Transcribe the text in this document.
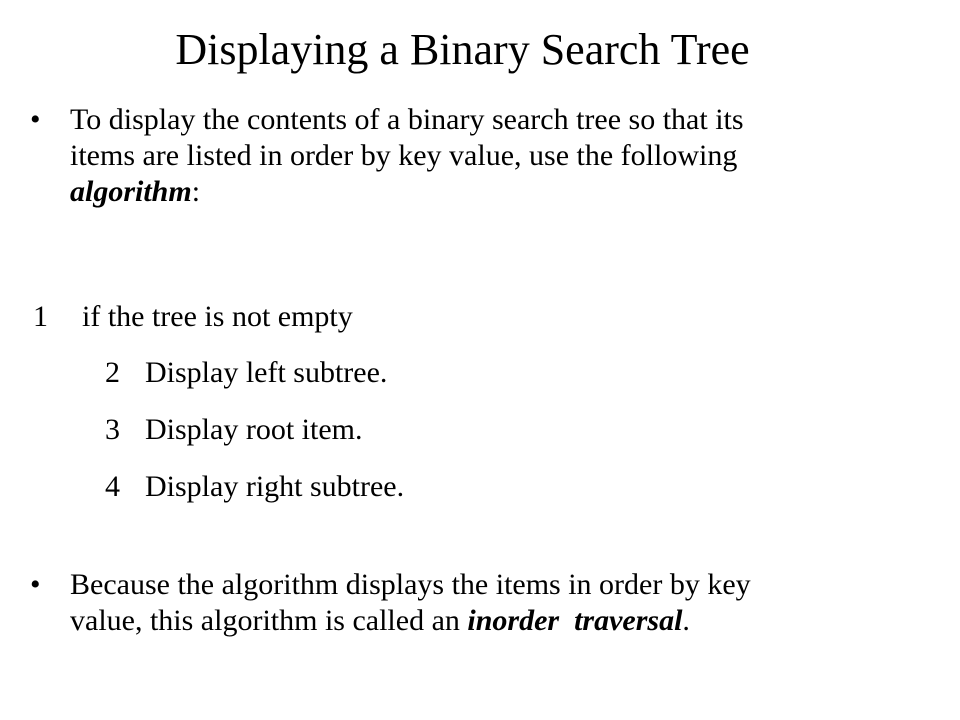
Displaying a Binary Search Tree
• To display the contents of a binary search tree so that its
items are listed in order by key value, use the following
algorithm:
1 if the tree is not empty
2 Display left subtree.
3 Display root item.
4 Display right subtree.
• Because the algorithm displays the items in order by key
value, this algorithm is called an inorder traversal.
